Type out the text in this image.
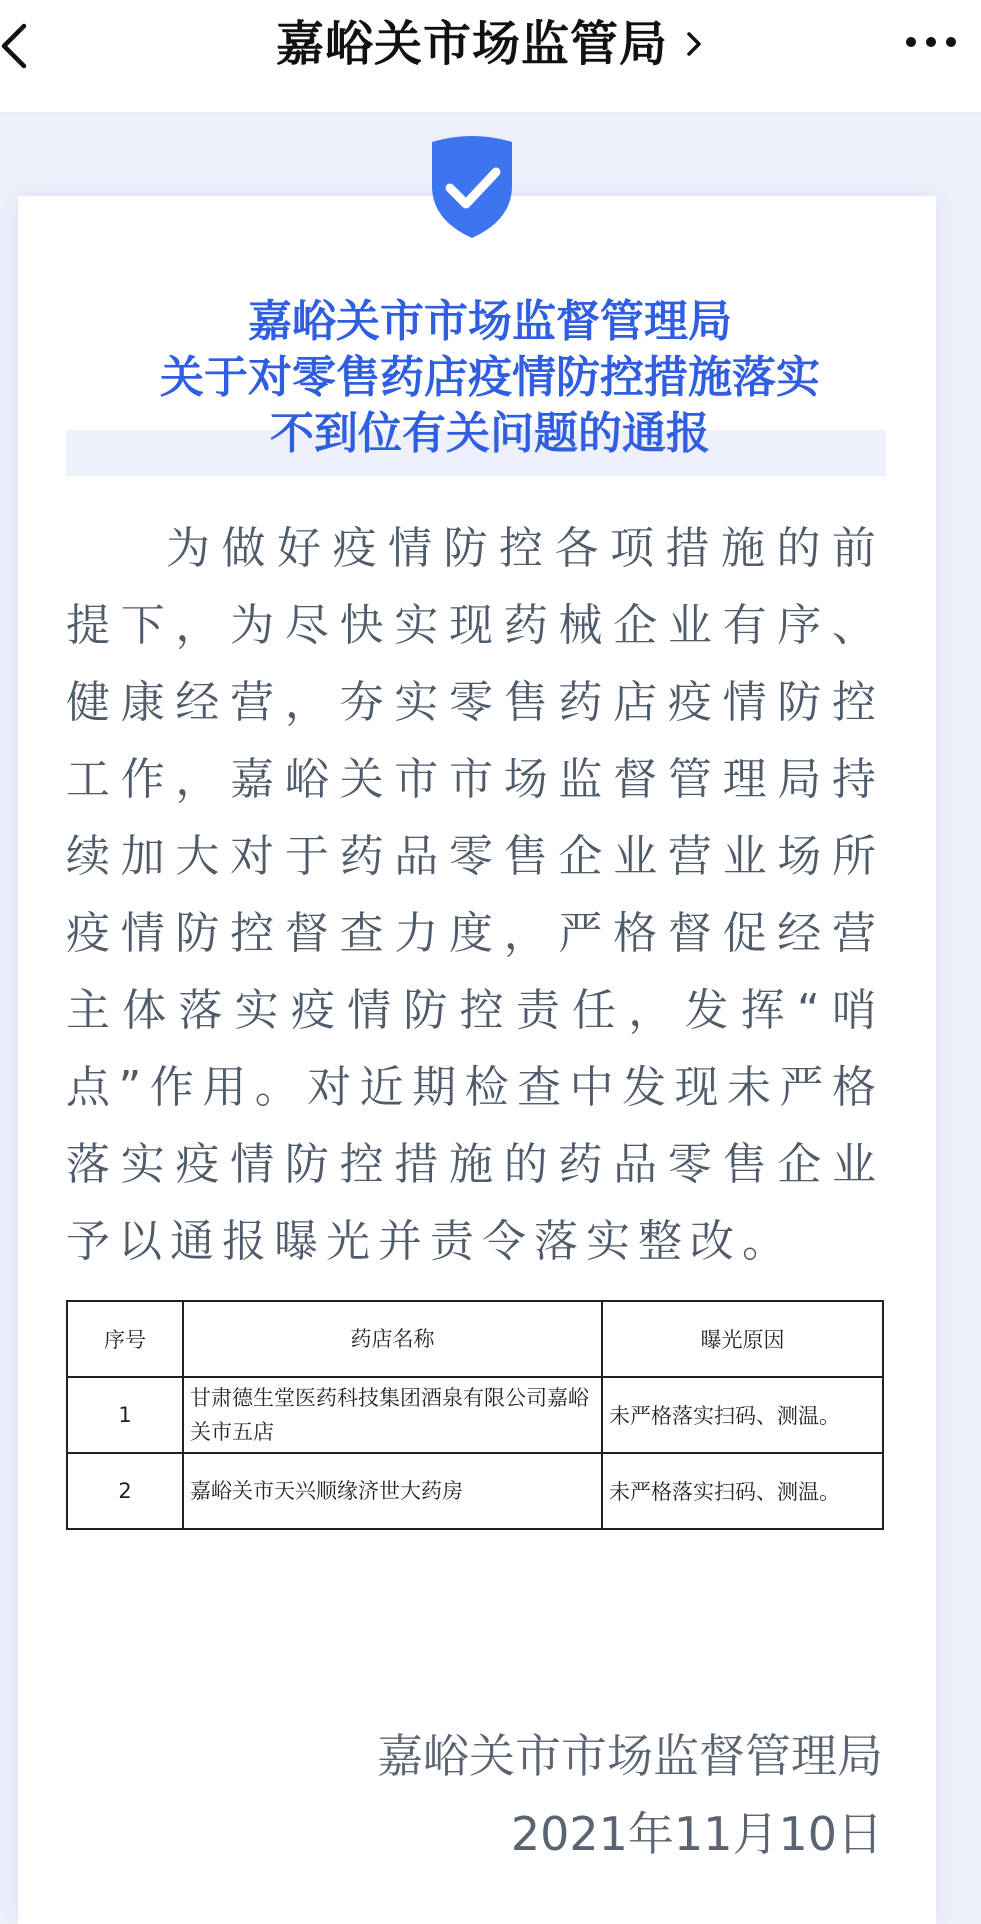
嘉峪关市场监管局
嘉峪关市市场监督管理局
关于对零售药店疫情防控措施落实
不到位有关问题的通报
为做好疫情防控各项措施的前提下，为尽快实现药械企业有序、健康经营，夯实零售药店疫情防控工作，嘉峪关市市场监督管理局持续加大对于药品零售企业营业场所疫情防控督查力度，严格督促经营主体落实疫情防控责任，发挥“哨点”作用。对近期检查中发现未严格落实疫情防控措施的药品零售企业予以通报曝光并责令落实整改。
序号	药店名称	曝光原因
1	甘肃德生堂医药科技集团酒泉有限公司嘉峪关市五店	未严格落实扫码、测温。
2	嘉峪关市天兴顺缘济世大药房	未严格落实扫码、测温。
嘉峪关市市场监督管理局
2021年11月10日
